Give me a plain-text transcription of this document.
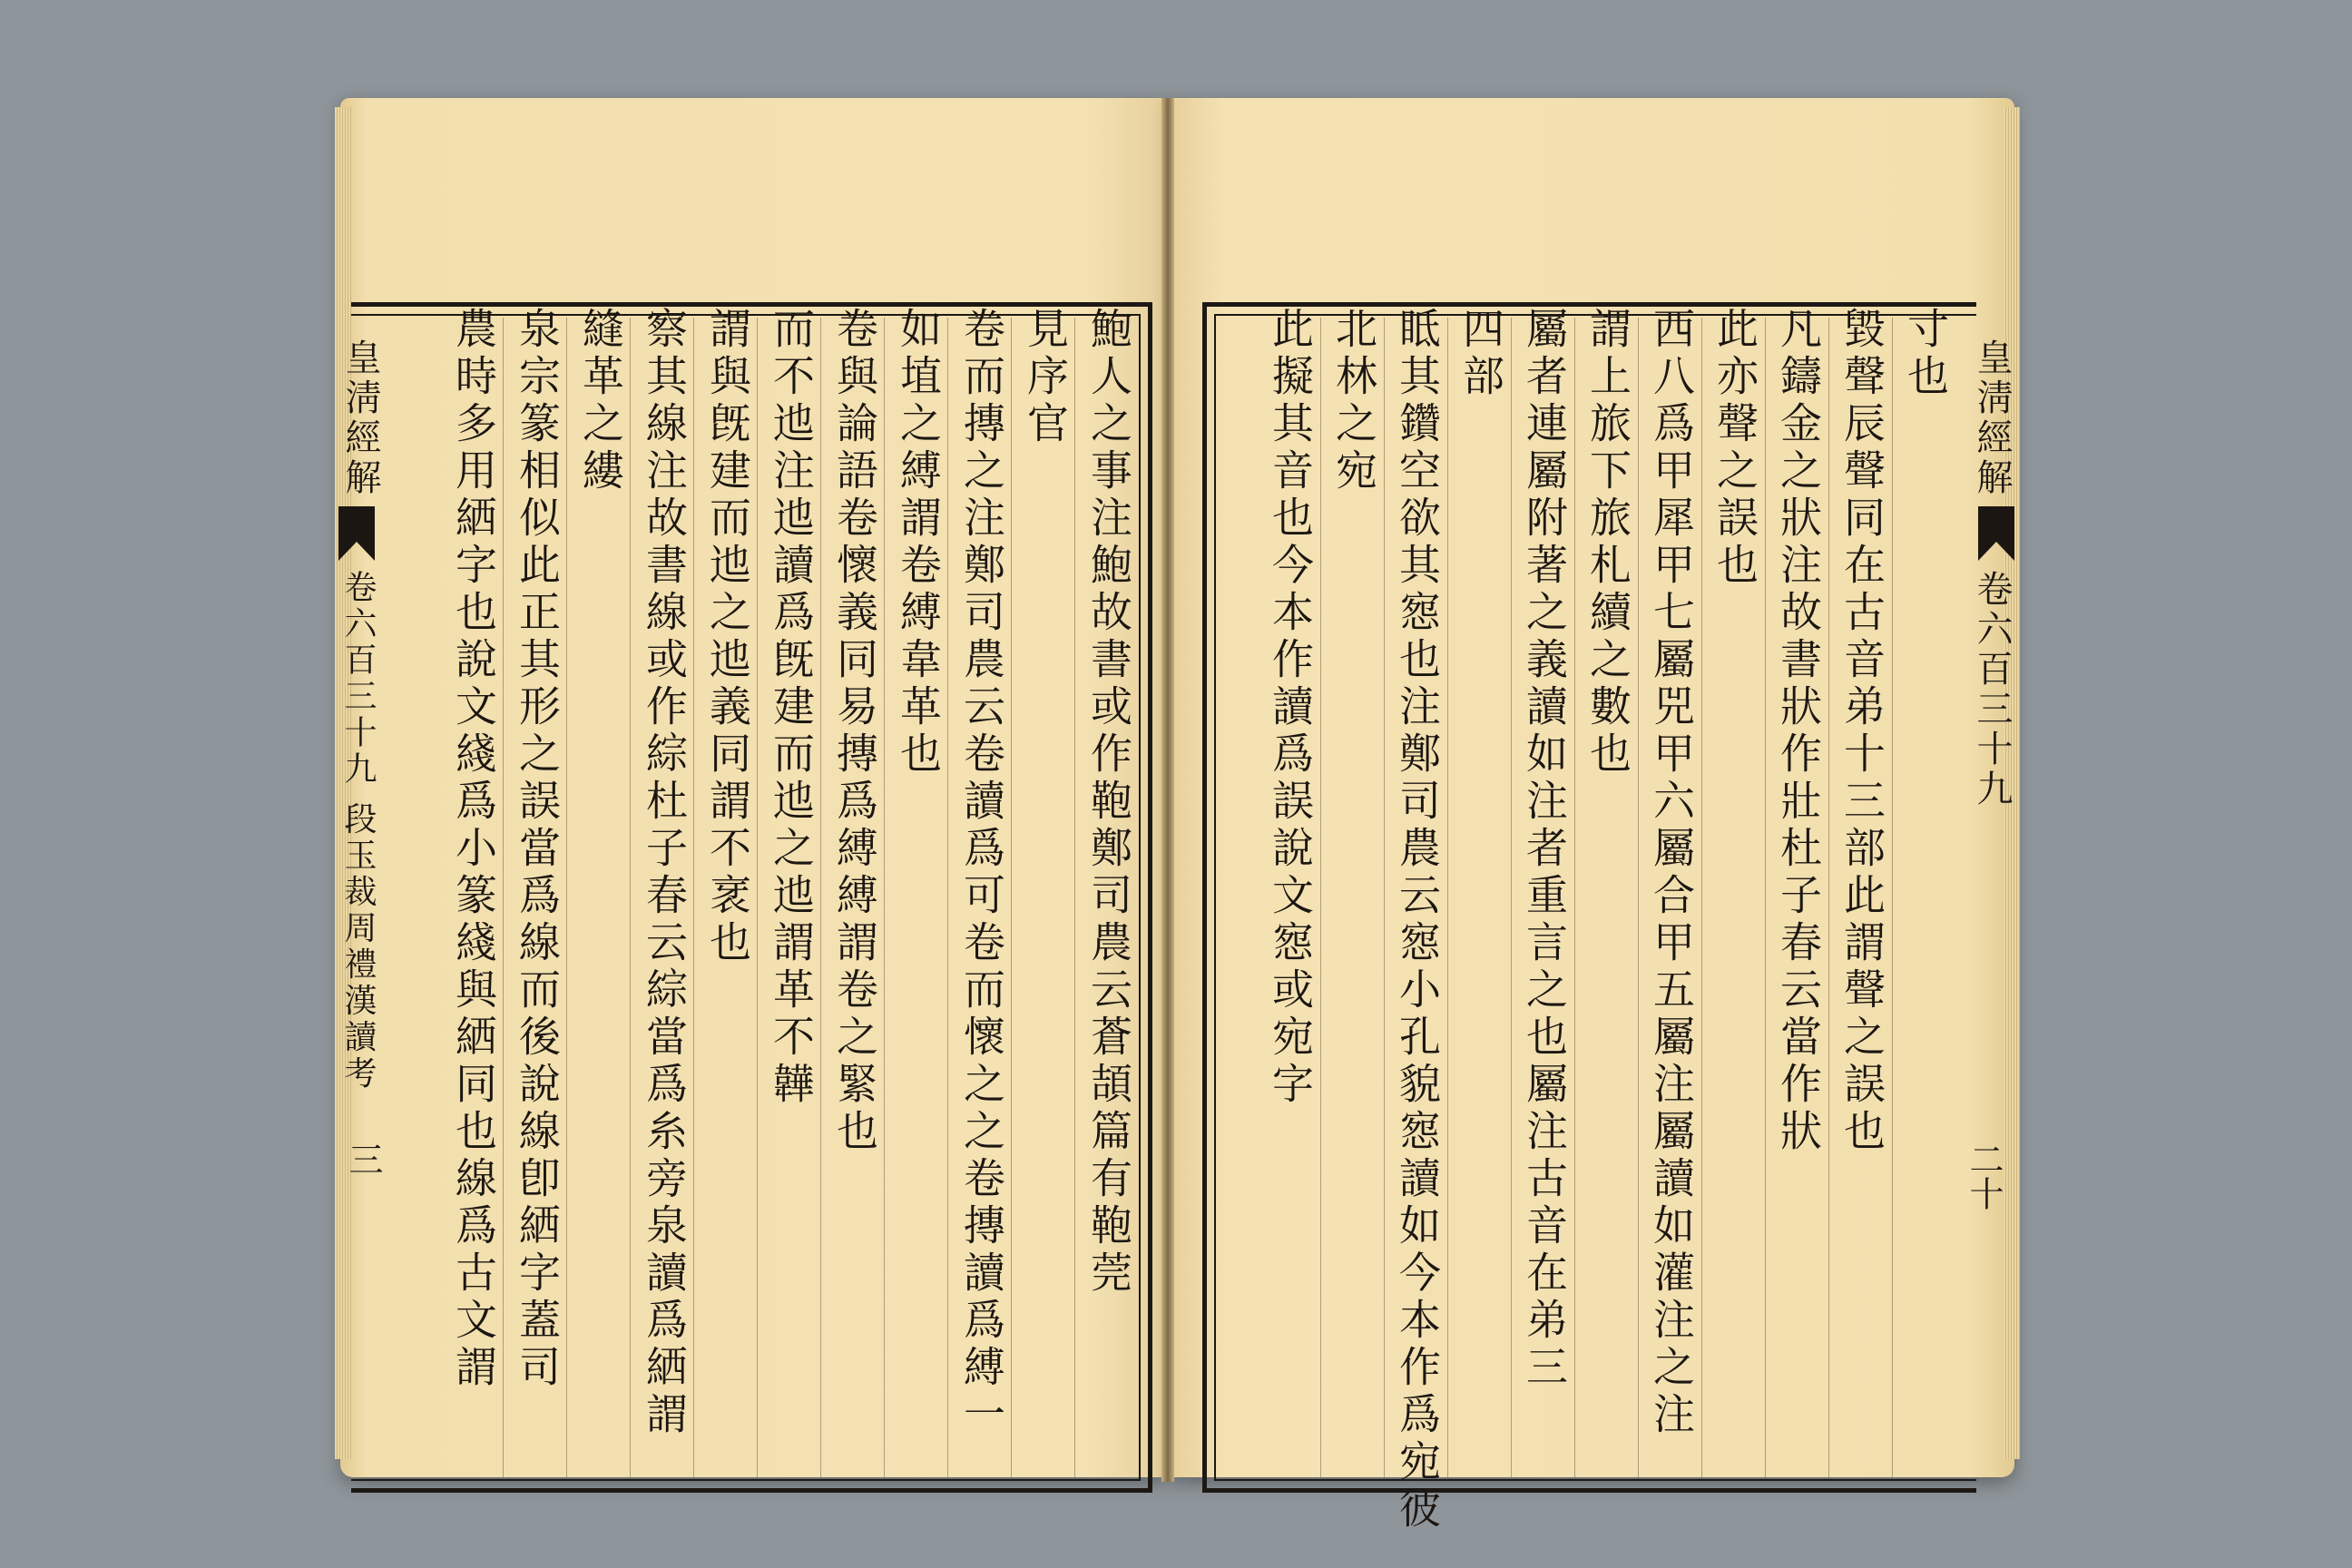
鮑人之事注鮑故書或作鞄鄭司農云蒼頡篇有鞄莞
見序官
卷而摶之注鄭司農云卷讀爲可卷而懷之之卷摶讀爲縛一
如埴之縛謂卷縛韋革也
卷與論語卷懷義同易摶爲縛縛謂卷之緊也
而不迆注迆讀爲旣建而迆之迆謂革不韡
謂與旣建而迆之迆義同謂不衺也
察其線注故書線或作綜杜子春云綜當爲糸旁泉讀爲絤謂
縫革之縷
泉宗篆相似此正其形之誤當爲線而後說線卽絤字蓋司
農時多用絤字也說文綫爲小篆綫與絤同也線爲古文謂
皇淸經解
卷六百三十九 段玉裁周禮漢讀考
三
寸也
毀聲辰聲同在古音弟十三部此謂聲之誤也
凡鑄金之狀注故書狀作壯杜子春云當作狀
此亦聲之誤也
西八爲甲犀甲七屬兕甲六屬合甲五屬注屬讀如灌注之注
謂上旅下旅札續之數也
屬者連屬附著之義讀如注者重言之也屬注古音在弟三
四部
眡其鑽空欲其惌也注鄭司農云惌小孔貌惌讀如今本作爲宛彼
北林之宛
此擬其音也今本作讀爲誤說文惌或宛字	皇淸經解
卷六百三十九
二十
